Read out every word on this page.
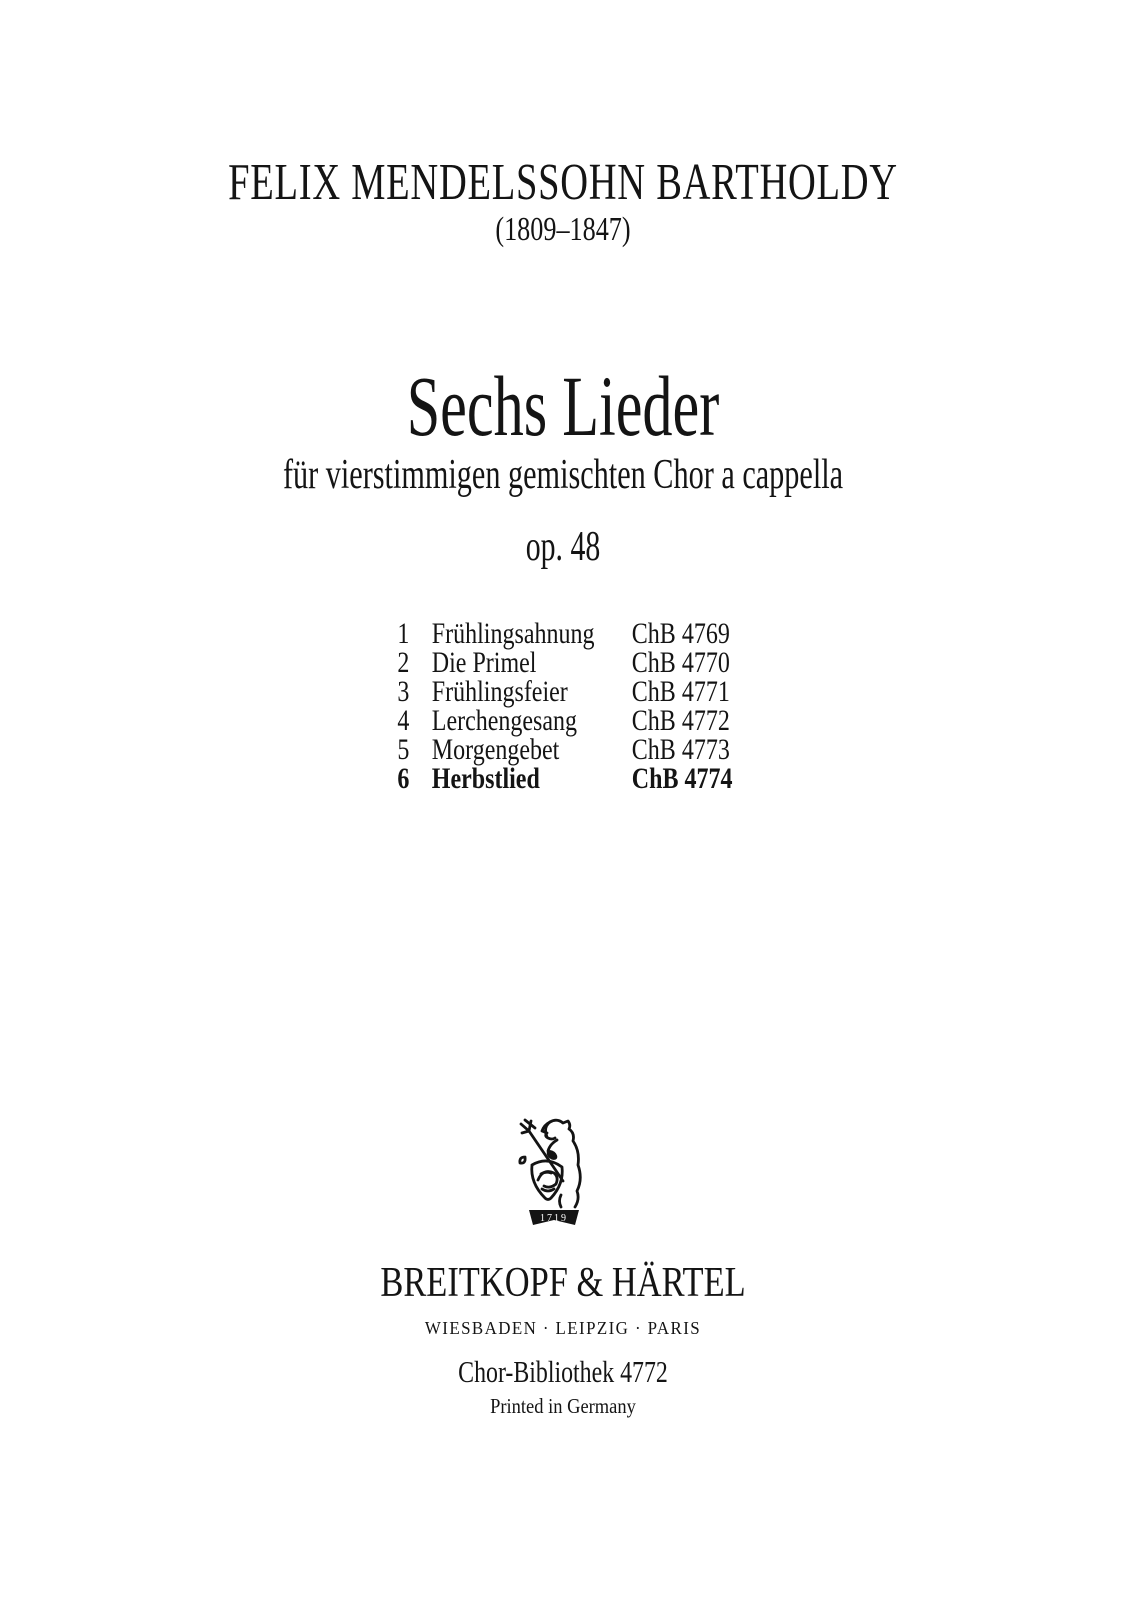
FELIX MENDELSSOHN BARTHOLDY
(1809–1847)
Sechs Lieder
für vierstimmigen gemischten Chor a cappella
op. 48
1 Frühlingsahnung	ChB 4769
2 Die Primel	ChB 4770
3 Frühlingsfeier	ChB 4771
4 Lerchengesang	ChB 4772
5 Morgengebet	ChB 4773
6 Herbstlied	ChB 4774
1719
BREITKOPF & HÄRTEL
WIESBADEN · LEIPZIG · PARIS
Chor-Bibliothek 4772
Printed in Germany
